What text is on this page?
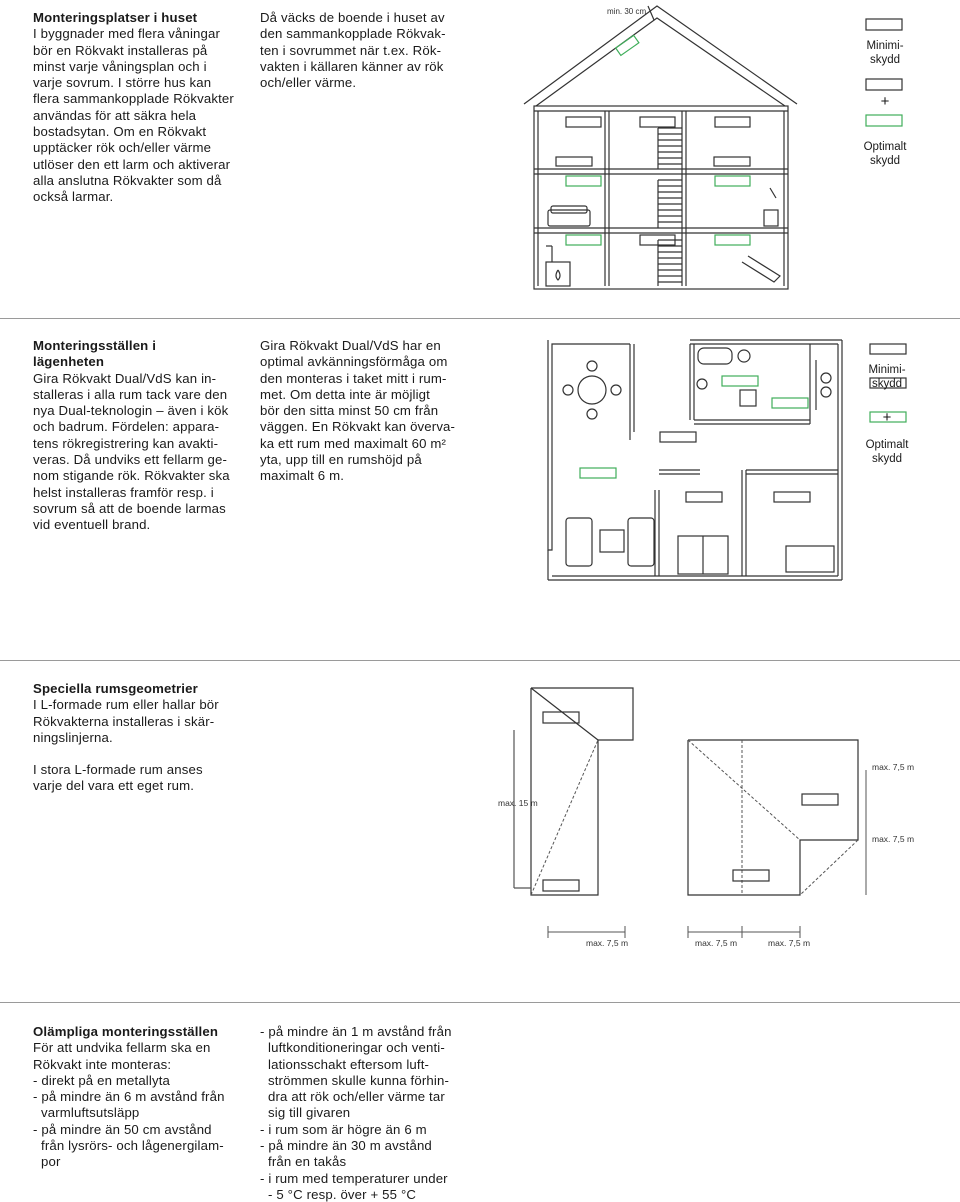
Monteringsplatser i huset
I byggnader med flera våningar
bör en Rökvakt installeras på
minst varje våningsplan och i
varje sovrum. I större hus kan
flera sammankopplade Rökvakter
användas för att säkra hela
bostadsytan. Om en Rökvakt
upptäcker rök och/eller värme
utlöser den ett larm och aktiverar
alla anslutna Rökvakter som då
också larmar.
Då väcks de boende i huset av
den sammankopplade Rökvak-
ten i sovrummet när t.ex. Rök-
vakten i källaren känner av rök
och/eller värme.
min. 30 cm
Minimi-
skydd
+
Optimalt
skydd
Monteringsställen i
lägenheten
Gira Rökvakt Dual/VdS kan in-
stalleras i alla rum tack vare den
nya Dual-teknologin – även i kök
och badrum. Fördelen: appara-
tens rökregistrering kan avakti-
veras. Då undviks ett fellarm ge-
nom stigande rök. Rökvakter ska
helst installeras framför resp. i
sovrum så att de boende larmas
vid eventuell brand.
Gira Rökvakt Dual/VdS har en
optimal avkänningsförmåga om
den monteras i taket mitt i rum-
met. Om detta inte är möjligt
bör den sitta minst 50 cm från
väggen. En Rökvakt kan överva-
ka ett rum med maximalt 60 m²
yta, upp till en rumshöjd på
maximalt 6 m.
Minimi-
skydd
+
Optimalt
skydd
Speciella rumsgeometrier
I L-formade rum eller hallar bör
Rökvakterna installeras i skär-
ningslinjerna.
I stora L-formade rum anses
varje del vara ett eget rum.
max. 15 m
max. 7,5 m
max. 7,5 m
max. 7,5 m	max. 7,5 m	max. 7,5 m
Olämpliga monteringsställen
För att undvika fellarm ska en
Rökvakt inte monteras:
- direkt på en metallyta
- på mindre än 6 m avstånd från
varmluftsutsläpp
- på mindre än 50 cm avstånd
från lysrörs- och lågenergilam-
por
- på mindre än 1 m avstånd från
luftkonditioneringar och venti-
lationsschakt eftersom luft-
strömmen skulle kunna förhin-
dra att rök och/eller värme tar
sig till givaren
- i rum som är högre än 6 m
- på mindre än 30 m avstånd
från en takås
- i rum med temperaturer under
- 5 °C resp. över + 55 °C
